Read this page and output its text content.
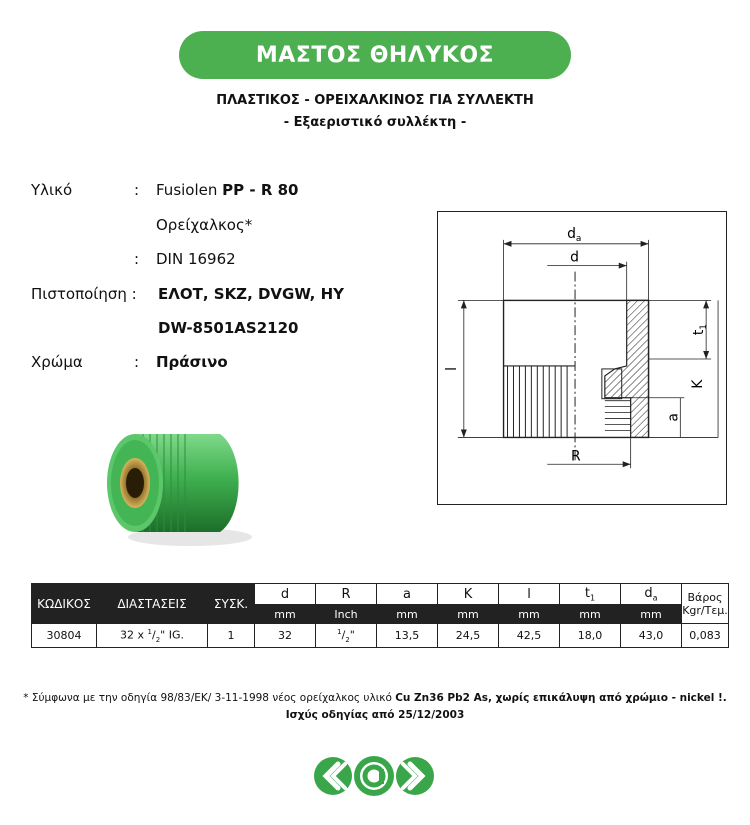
ΜΑΣΤΟΣ ΘΗΛΥΚΟΣ
ΠΛΑΣΤΙΚΟΣ - ΟΡΕΙΧΑΛΚΙΝΟΣ ΓΙΑ ΣΥΛΛΕΚΤΗ
- Εξαεριστικό συλλέκτη -
Υλικό	: Fusiolen PP - R 80
Ορείχαλκος*
: DIN 16962
Πιστοποίηση : ΕΛΟΤ, SKZ, DVGW, HY
DW-8501AS2120
Χρώμα	: Πράσινο
$d_a$
d
l
$t_1$
K
a
R
ΚΩΔΙΚΟΣ	ΔΙΑΣΤΑΣΕΙΣ	ΣΥΣΚ.	d	R	a	K	l	$t_1$	$d_a$	Βάρος
Kgr/Τεμ.
			mm	Inch	mm	mm	mm	mm	mm	
30804	32 x $^1/_2$" IG.	1	32	$^1/_2$"	13,5	24,5	42,5	18,0	43,0	0,083
* Σύμφωνα με την οδηγία 98/83/ΕΚ/ 3-11-1998 νέος ορείχαλκος υλικό Cu Zn36 Pb2 As, χωρίς επικάλυψη από χρώμιο - nickel !.
Ισχύς οδηγίας από 25/12/2003
